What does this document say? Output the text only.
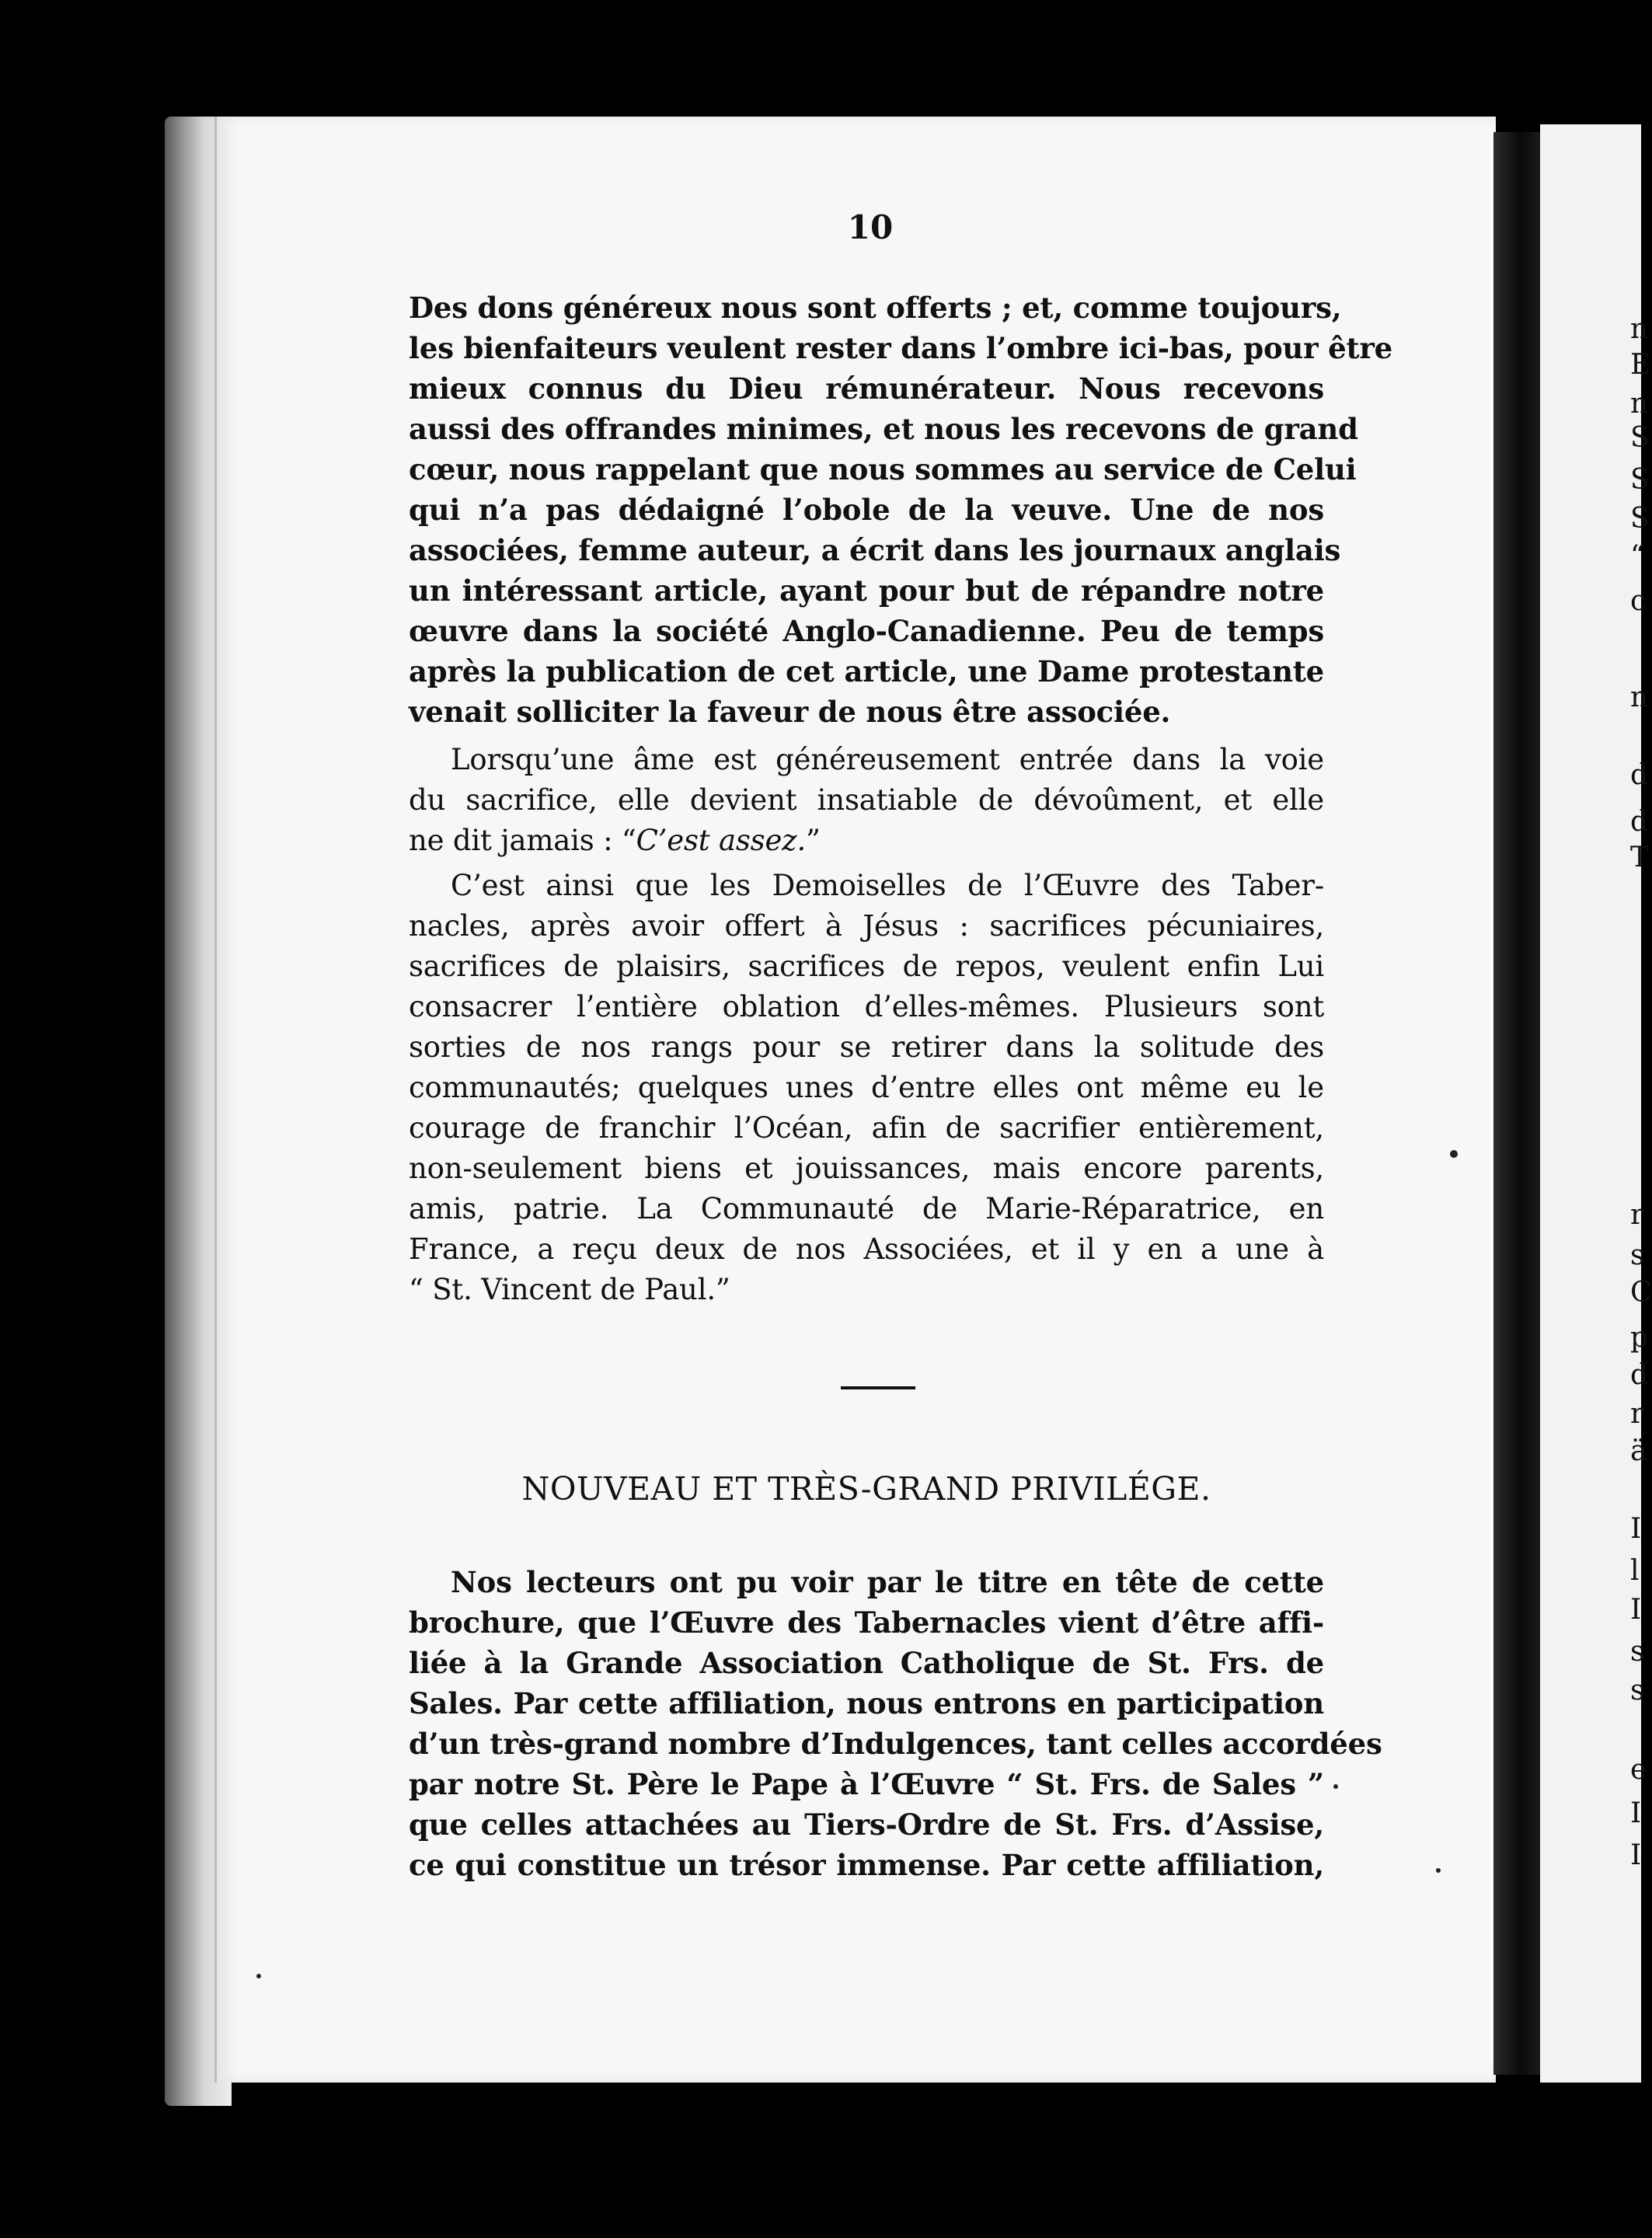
n
E
n
S
S
S
“
c
n
d
d
T
r
s
C
p
d
r
ä
I
l
I
s
s
e
I
I
10
Des dons généreux nous sont offerts ; et, comme toujours,
les bienfaiteurs veulent rester dans l’ombre ici-bas, pour être
mieux connus du Dieu rémunérateur. Nous recevons
aussi des offrandes minimes, et nous les recevons de grand
cœur, nous rappelant que nous sommes au service de Celui
qui n’a pas dédaigné l’obole de la veuve. Une de nos
associées, femme auteur, a écrit dans les journaux anglais
un intéressant article, ayant pour but de répandre notre
œuvre dans la société Anglo-Canadienne. Peu de temps
après la publication de cet article, une Dame protestante
venait solliciter la faveur de nous être associée.
Lorsqu’une âme est généreusement entrée dans la voie
du sacrifice, elle devient insatiable de dévoûment, et elle
ne dit jamais : “C’est assez.”
C’est ainsi que les Demoiselles de l’Œuvre des Taber-
nacles, après avoir offert à Jésus : sacrifices pécuniaires,
sacrifices de plaisirs, sacrifices de repos, veulent enfin Lui
consacrer l’entière oblation d’elles-mêmes. Plusieurs sont
sorties de nos rangs pour se retirer dans la solitude des
communautés; quelques unes d’entre elles ont même eu le
courage de franchir l’Océan, afin de sacrifier entièrement,
non-seulement biens et jouissances, mais encore parents,
amis, patrie. La Communauté de Marie-Réparatrice, en
France, a reçu deux de nos Associées, et il y en a une à
“ St. Vincent de Paul.”
NOUVEAU ET TRÈS-GRAND PRIVILÉGE.
Nos lecteurs ont pu voir par le titre en tête de cette
brochure, que l’Œuvre des Tabernacles vient d’être affi-
liée à la Grande Association Catholique de St. Frs. de
Sales. Par cette affiliation, nous entrons en participation
d’un très-grand nombre d’Indulgences, tant celles accordées
par notre St. Père le Pape à l’Œuvre “ St. Frs. de Sales ”
que celles attachées au Tiers-Ordre de St. Frs. d’Assise,
ce qui constitue un trésor immense. Par cette affiliation,
